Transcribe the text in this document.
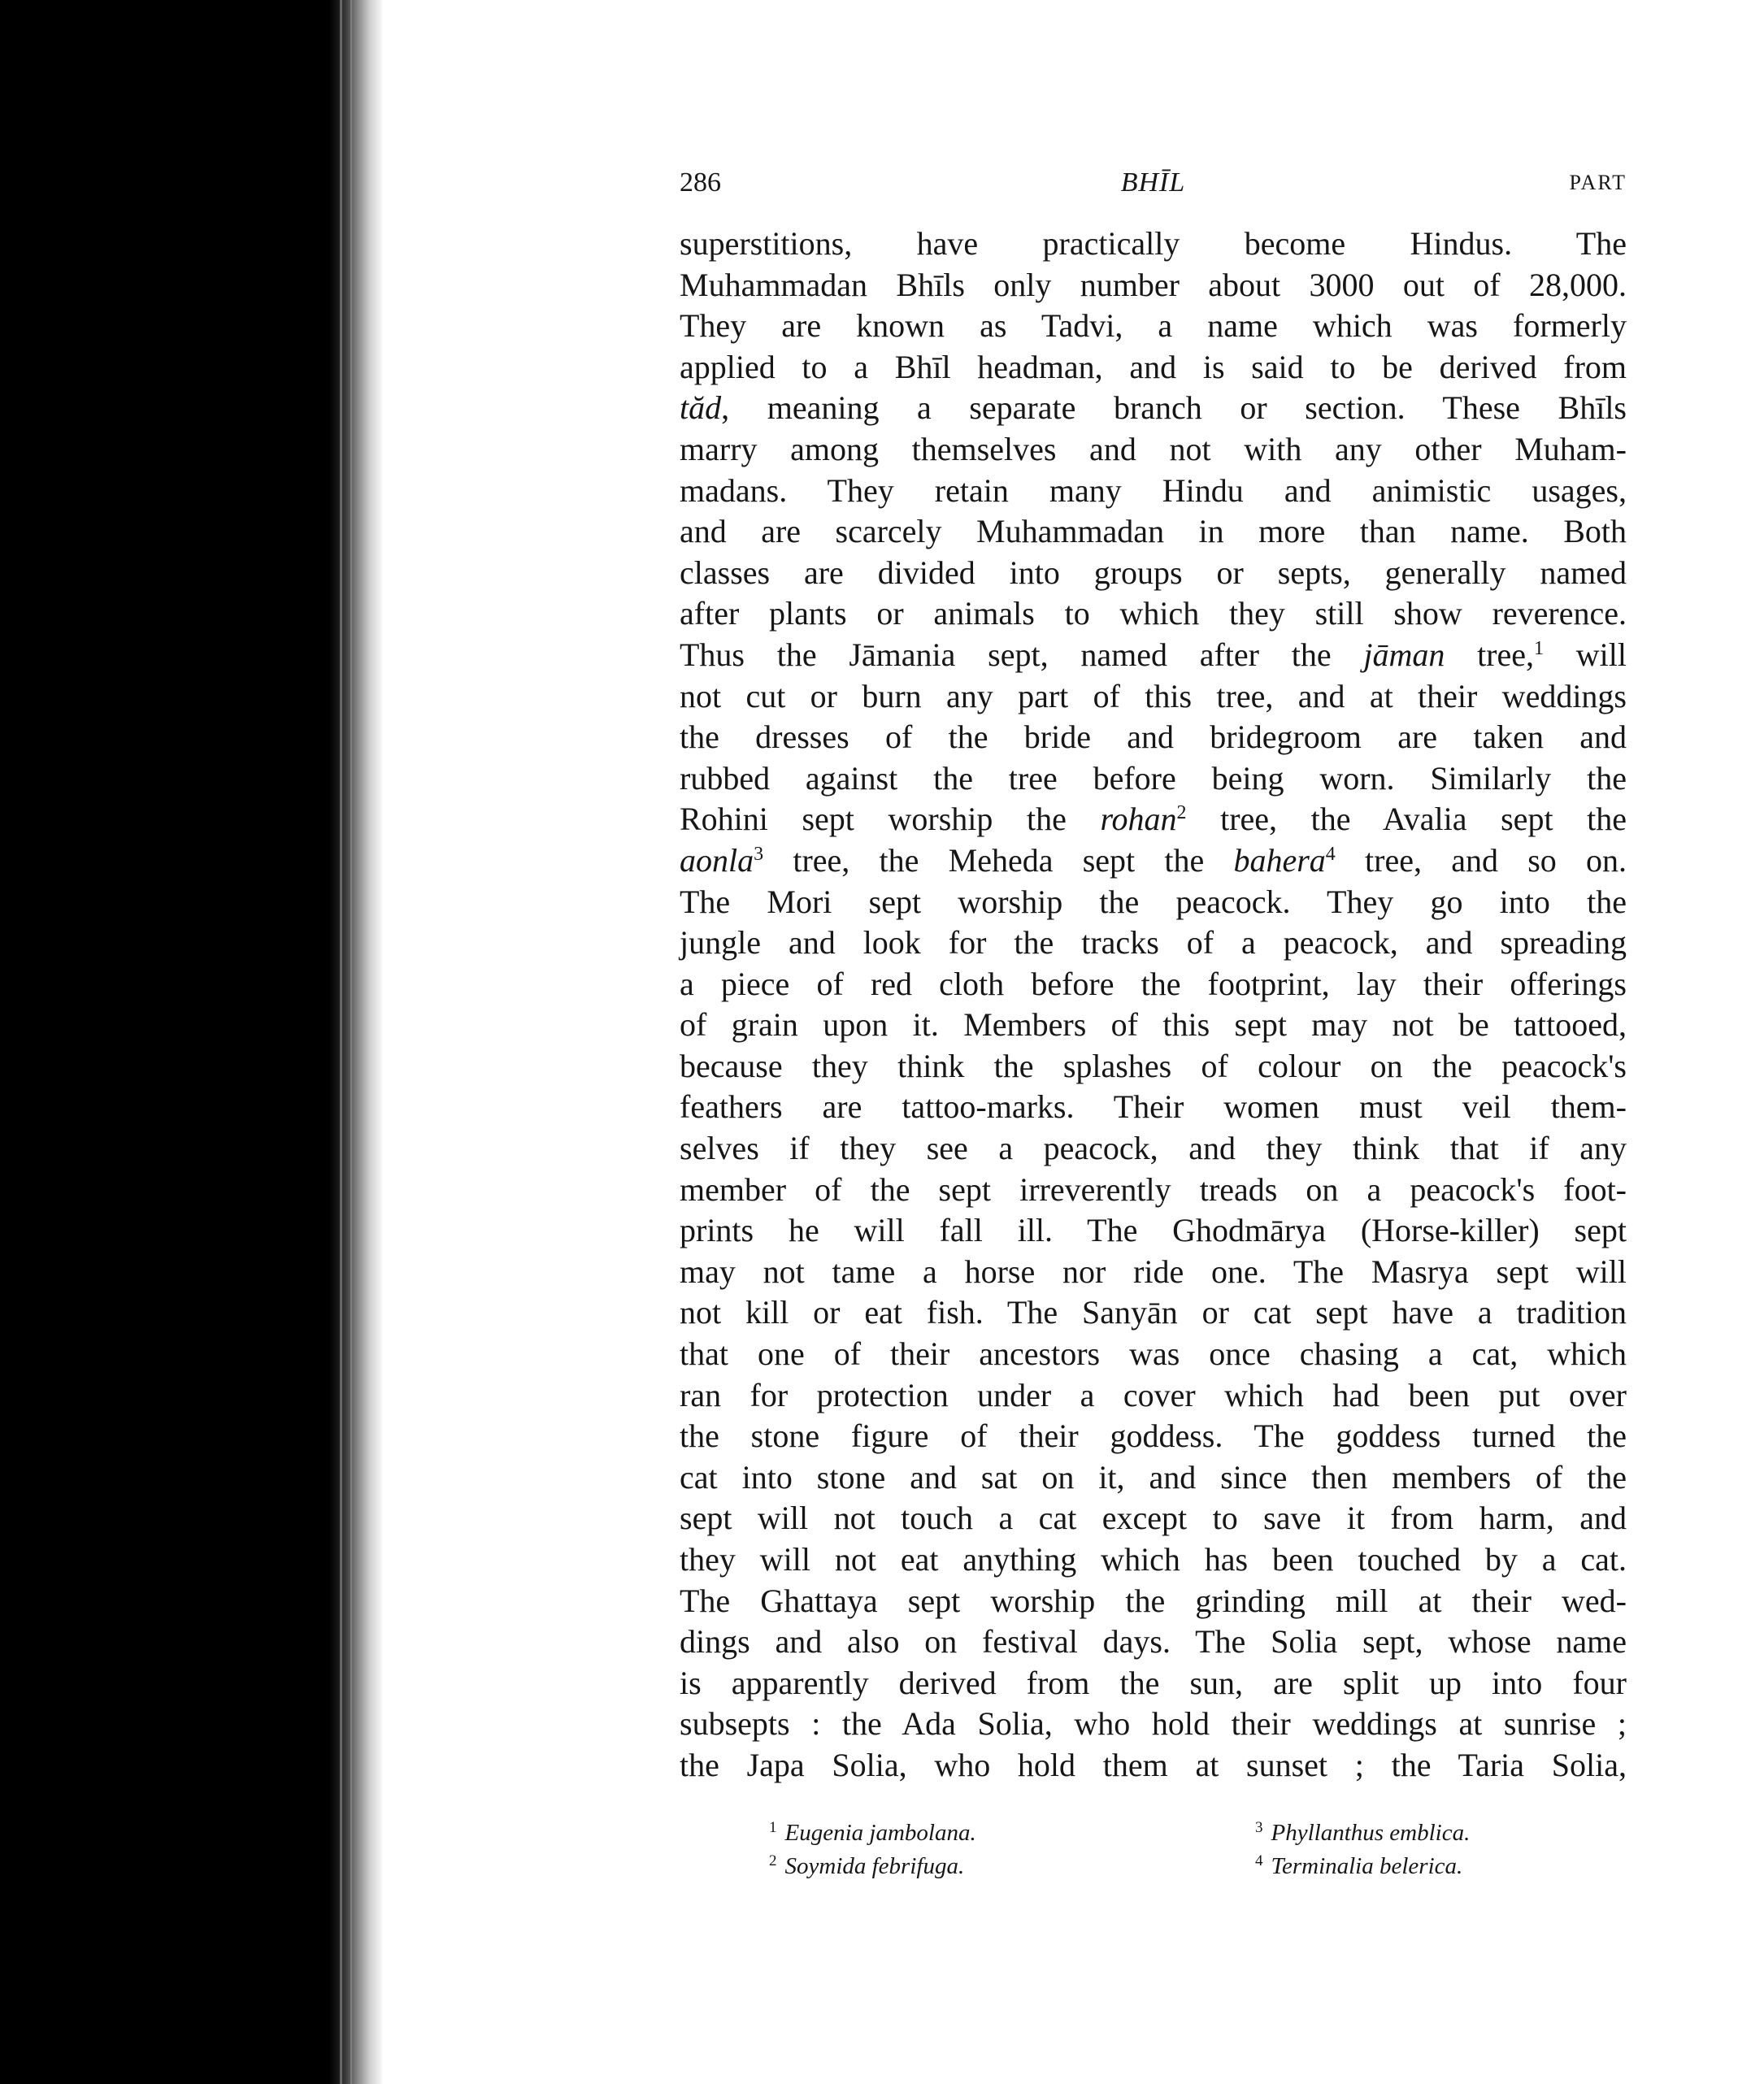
286	BHĪL	PART
superstitions, have practically become Hindus. The
Muhammadan Bhīls only number about 3000 out of 28,000.
They are known as Tadvi, a name which was formerly
applied to a Bhīl headman, and is said to be derived from
tăd, meaning a separate branch or section. These Bhīls
marry among themselves and not with any other Muham-
madans. They retain many Hindu and animistic usages,
and are scarcely Muhammadan in more than name. Both
classes are divided into groups or septs, generally named
after plants or animals to which they still show reverence.
Thus the Jāmania sept, named after the jāman tree,$^1$ will
not cut or burn any part of this tree, and at their weddings
the dresses of the bride and bridegroom are taken and
rubbed against the tree before being worn. Similarly the
Rohini sept worship the rohan$^2$ tree, the Avalia sept the
aonla$^3$ tree, the Meheda sept the bahera$^4$ tree, and so on.
The Mori sept worship the peacock. They go into the
jungle and look for the tracks of a peacock, and spreading
a piece of red cloth before the footprint, lay their offerings
of grain upon it. Members of this sept may not be tattooed,
because they think the splashes of colour on the peacock's
feathers are tattoo-marks. Their women must veil them-
selves if they see a peacock, and they think that if any
member of the sept irreverently treads on a peacock's foot-
prints he will fall ill. The Ghodmārya (Horse-killer) sept
may not tame a horse nor ride one. The Masrya sept will
not kill or eat fish. The Sanyān or cat sept have a tradition
that one of their ancestors was once chasing a cat, which
ran for protection under a cover which had been put over
the stone figure of their goddess. The goddess turned the
cat into stone and sat on it, and since then members of the
sept will not touch a cat except to save it from harm, and
they will not eat anything which has been touched by a cat.
The Ghattaya sept worship the grinding mill at their wed-
dings and also on festival days. The Solia sept, whose name
is apparently derived from the sun, are split up into four
subsepts : the Ada Solia, who hold their weddings at sunrise ;
the Japa Solia, who hold them at sunset ; the Taria Solia,
$^1$ Eugenia jambolana.
$^2$ Soymida febrifuga.
$^3$ Phyllanthus emblica.
$^4$ Terminalia belerica.
